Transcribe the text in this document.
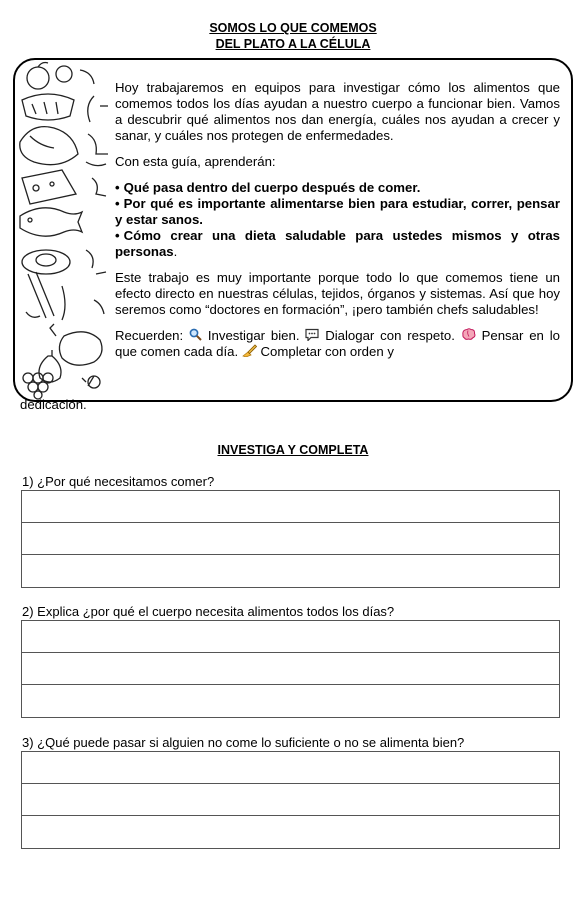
SOMOS LO QUE COMEMOS
DEL PLATO A LA CÉLULA

Hoy trabajaremos en equipos para investigar cómo los alimentos que comemos todos los días ayudan a nuestro cuerpo a funcionar bien. Vamos a descubrir qué alimentos nos dan energía, cuáles nos ayudan a crecer y sanar, y cuáles nos protegen de enfermedades.

Con esta guía, aprenderán:

• Qué pasa dentro del cuerpo después de comer.
• Por qué es importante alimentarse bien para estudiar, correr, pensar y estar sanos.
• Cómo crear una dieta saludable para ustedes mismos y otras personas.

Este trabajo es muy importante porque todo lo que comemos tiene un efecto directo en nuestras células, tejidos, órganos y sistemas. Así que hoy seremos como “doctores en formación”, ¡pero también chefs saludables!

Recuerden: Investigar bien. Dialogar con respeto. Pensar en lo que comen cada día. Completar con orden y

dedicación.
INVESTIGA Y COMPLETA
1) ¿Por qué necesitamos comer?
2) Explica ¿por qué el cuerpo necesita alimentos todos los días?
3) ¿Qué puede pasar si alguien no come lo suficiente o no se alimenta bien?
